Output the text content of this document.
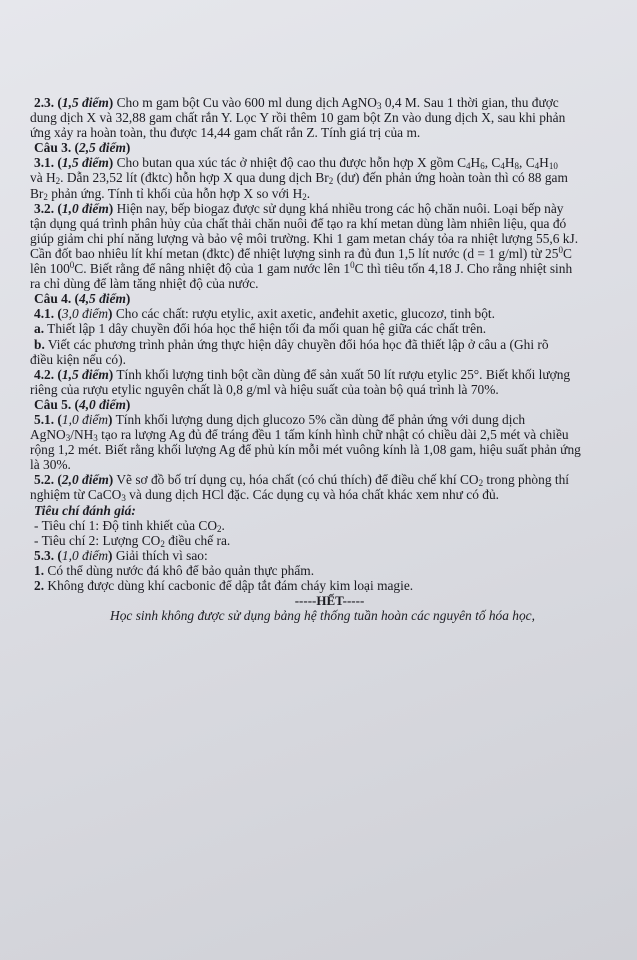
2.3. (1,5 điểm) Cho m gam bột Cu vào 600 ml dung dịch AgNO$_3$ 0,4 M. Sau 1 thời gian, thu được

dung dịch X và 32,88 gam chất rắn Y. Lọc Y rồi thêm 10 gam bột Zn vào dung dịch X, sau khi phản

ứng xảy ra hoàn toàn, thu được 14,44 gam chất rắn Z. Tính giá trị của m.

Câu 3. (2,5 điểm)

3.1. (1,5 điểm) Cho butan qua xúc tác ở nhiệt độ cao thu được hỗn hợp X gồm $C_4H_6$, $C_4H_8$, $C_4H_{10}$

và $H_2$. Dẫn 23,52 lít (đktc) hỗn hợp X qua dung dịch $Br_2$ (dư) đến phản ứng hoàn toàn thì có 88 gam

$Br_2$ phản ứng. Tính tỉ khối của hỗn hợp X so với $H_2$.

3.2. (1,0 điểm) Hiện nay, bếp biogaz được sử dụng khá nhiều trong các hộ chăn nuôi. Loại bếp này

tận dụng quá trình phân hủy của chất thải chăn nuôi để tạo ra khí metan dùng làm nhiên liệu, qua đó

giúp giảm chi phí năng lượng và bảo vệ môi trường. Khi 1 gam metan cháy tỏa ra nhiệt lượng 55,6 kJ.

Cần đốt bao nhiêu lít khí metan (đktc) để nhiệt lượng sinh ra đủ đun 1,5 lít nước (d = 1 g/ml) từ $25^0C$

lên $100^0C$. Biết rằng để nâng nhiệt độ của 1 gam nước lên $1^0C$ thì tiêu tốn 4,18 J. Cho rằng nhiệt sinh

ra chỉ dùng để làm tăng nhiệt độ của nước.

Câu 4. (4,5 điểm)

4.1. (3,0 điểm) Cho các chất: rượu etylic, axit axetic, anđehit axetic, glucozơ, tinh bột.

a. Thiết lập 1 dây chuyền đổi hóa học thể hiện tối đa mối quan hệ giữa các chất trên.

b. Viết các phương trình phản ứng thực hiện dây chuyền đổi hóa học đã thiết lập ở câu a (Ghi rõ

điều kiện nếu có).

4.2. (1,5 điểm) Tính khối lượng tinh bột cần dùng để sản xuất 50 lít rượu etylic 25°. Biết khối lượng

riêng của rượu etylic nguyên chất là 0,8 g/ml và hiệu suất của toàn bộ quá trình là 70%.

Câu 5. (4,0 điểm)

5.1. (1,0 điểm) Tính khối lượng dung dịch glucozo 5% cần dùng để phản ứng với dung dịch

$AgNO_3/NH_3$ tạo ra lượng Ag đủ để tráng đều 1 tấm kính hình chữ nhật có chiều dài 2,5 mét và chiều

rộng 1,2 mét. Biết rằng khối lượng Ag để phủ kín mỗi mét vuông kính là 1,08 gam, hiệu suất phản ứng

là 30%.

5.2. (2,0 điểm) Vẽ sơ đồ bố trí dụng cụ, hóa chất (có chú thích) để điều chế khí $CO_2$ trong phòng thí

nghiệm từ CaCO$_3$ và dung dịch HCl đặc. Các dụng cụ và hóa chất khác xem như có đủ.

Tiêu chí đánh giá:

- Tiêu chí 1: Độ tinh khiết của $CO_2$.

- Tiêu chí 2: Lượng $CO_2$ điều chế ra.

5.3. (1,0 điểm) Giải thích vì sao:

1. Có thể dùng nước đá khô để bảo quản thực phẩm.

2. Không được dùng khí cacbonic để dập tắt đám cháy kim loại magie.

-----HẾT-----

Học sinh không được sử dụng bảng hệ thống tuần hoàn các nguyên tố hóa học,
